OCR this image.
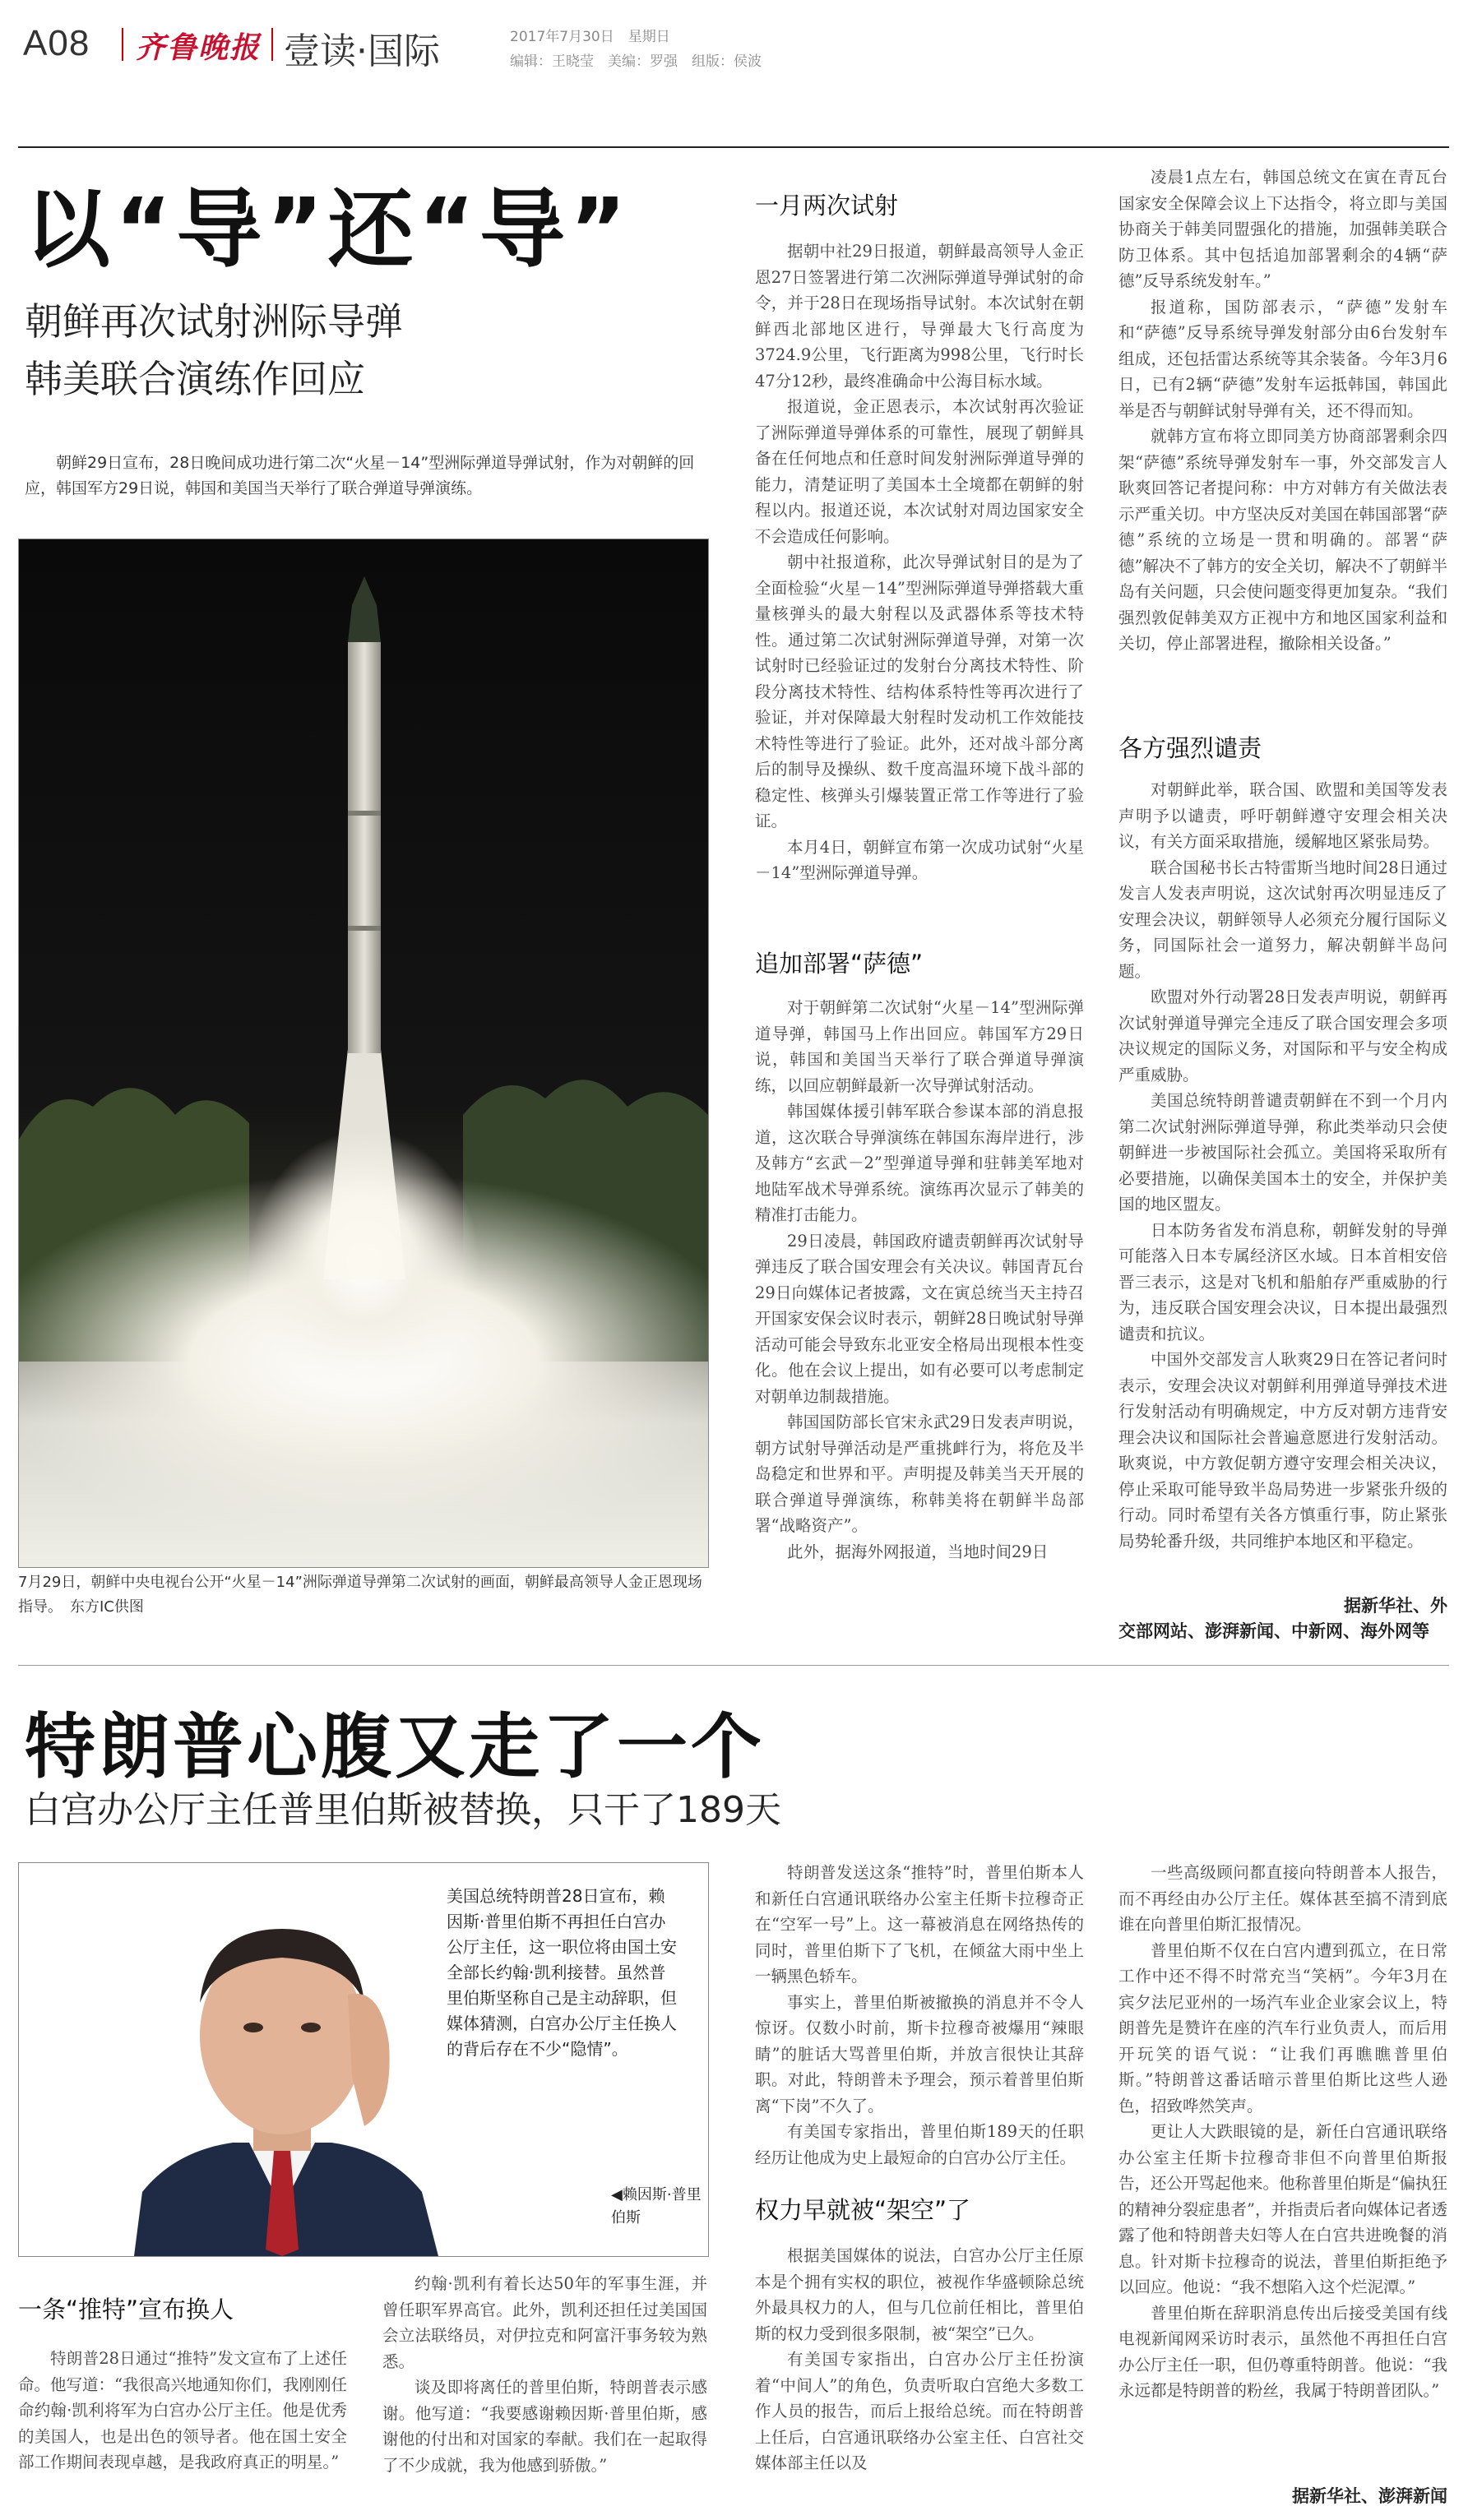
A08 齐鲁晚报 壹读·国际	2017年7月30日　星期日
编辑：王晓莹　美编：罗强　组版：侯波
以“导”还“导”
朝鲜再次试射洲际导弹
韩美联合演练作回应
朝鲜29日宣布，28日晚间成功进行第二次“火星－14”型洲际弹道导弹试射，作为对朝鲜的回应，韩国军方29日说，韩国和美国当天举行了联合弹道导弹演练。
7月29日，朝鲜中央电视台公开“火星－14”洲际弹道导弹第二次试射的画面，朝鲜最高领导人金正恩现场指导。　东方IC供图
一月两次试射

据朝中社29日报道，朝鲜最高领导人金正恩27日签署进行第二次洲际弹道导弹试射的命令，并于28日在现场指导试射。本次试射在朝鲜西北部地区进行，导弹最大飞行高度为3724.9公里，飞行距离为998公里，飞行时长47分12秒，最终准确命中公海目标水域。

报道说，金正恩表示，本次试射再次验证了洲际弹道导弹体系的可靠性，展现了朝鲜具备在任何地点和任意时间发射洲际弹道导弹的能力，清楚证明了美国本土全境都在朝鲜的射程以内。报道还说，本次试射对周边国家安全不会造成任何影响。

朝中社报道称，此次导弹试射目的是为了全面检验“火星－14”型洲际弹道导弹搭载大重量核弹头的最大射程以及武器体系等技术特性。通过第二次试射洲际弹道导弹，对第一次试射时已经验证过的发射台分离技术特性、阶段分离技术特性、结构体系特性等再次进行了验证，并对保障最大射程时发动机工作效能技术特性等进行了验证。此外，还对战斗部分离后的制导及操纵、数千度高温环境下战斗部的稳定性、核弹头引爆装置正常工作等进行了验证。

本月4日，朝鲜宣布第一次成功试射“火星－14”型洲际弹道导弹。

追加部署“萨德”

对于朝鲜第二次试射“火星－14”型洲际弹道导弹，韩国马上作出回应。韩国军方29日说，韩国和美国当天举行了联合弹道导弹演练，以回应朝鲜最新一次导弹试射活动。

韩国媒体援引韩军联合参谋本部的消息报道，这次联合导弹演练在韩国东海岸进行，涉及韩方“玄武－2”型弹道导弹和驻韩美军地对地陆军战术导弹系统。演练再次显示了韩美的精准打击能力。

29日凌晨，韩国政府谴责朝鲜再次试射导弹违反了联合国安理会有关决议。韩国青瓦台29日向媒体记者披露，文在寅总统当天主持召开国家安保会议时表示，朝鲜28日晚试射导弹活动可能会导致东北亚安全格局出现根本性变化。他在会议上提出，如有必要可以考虑制定对朝单边制裁措施。

韩国国防部长官宋永武29日发表声明说，朝方试射导弹活动是严重挑衅行为，将危及半岛稳定和世界和平。声明提及韩美当天开展的联合弹道导弹演练，称韩美将在朝鲜半岛部署“战略资产”。

此外，据海外网报道，当地时间29日

凌晨1点左右，韩国总统文在寅在青瓦台国家安全保障会议上下达指令，将立即与美国协商关于韩美同盟强化的措施，加强韩美联合防卫体系。其中包括追加部署剩余的4辆“萨德”反导系统发射车。”

报道称，国防部表示，“萨德”发射车和“萨德”反导系统导弹发射部分由6台发射车组成，还包括雷达系统等其余装备。今年3月6日，已有2辆“萨德”发射车运抵韩国，韩国此举是否与朝鲜试射导弹有关，还不得而知。

就韩方宣布将立即同美方协商部署剩余四架“萨德”系统导弹发射车一事，外交部发言人耿爽回答记者提问称：中方对韩方有关做法表示严重关切。中方坚决反对美国在韩国部署“萨德”系统的立场是一贯和明确的。部署“萨德”解决不了韩方的安全关切，解决不了朝鲜半岛有关问题，只会使问题变得更加复杂。“我们强烈敦促韩美双方正视中方和地区国家利益和关切，停止部署进程，撤除相关设备。”

各方强烈谴责

对朝鲜此举，联合国、欧盟和美国等发表声明予以谴责，呼吁朝鲜遵守安理会相关决议，有关方面采取措施，缓解地区紧张局势。

联合国秘书长古特雷斯当地时间28日通过发言人发表声明说，这次试射再次明显违反了安理会决议，朝鲜领导人必须充分履行国际义务，同国际社会一道努力，解决朝鲜半岛问题。

欧盟对外行动署28日发表声明说，朝鲜再次试射弹道导弹完全违反了联合国安理会多项决议规定的国际义务，对国际和平与安全构成严重威胁。

美国总统特朗普谴责朝鲜在不到一个月内第二次试射洲际弹道导弹，称此类举动只会使朝鲜进一步被国际社会孤立。美国将采取所有必要措施，以确保美国本土的安全，并保护美国的地区盟友。

日本防务省发布消息称，朝鲜发射的导弹可能落入日本专属经济区水域。日本首相安倍晋三表示，这是对飞机和船舶存严重威胁的行为，违反联合国安理会决议，日本提出最强烈谴责和抗议。

中国外交部发言人耿爽29日在答记者问时表示，安理会决议对朝鲜利用弹道导弹技术进行发射活动有明确规定，中方反对朝方违背安理会决议和国际社会普遍意愿进行发射活动。耿爽说，中方敦促朝方遵守安理会相关决议，停止采取可能导致半岛局势进一步紧张升级的行动。同时希望有关各方慎重行事，防止紧张局势轮番升级，共同维护本地区和平稳定。

据新华社、外
交部网站、澎湃新闻、中新网、海外网等
特朗普心腹又走了一个
白宫办公厅主任普里伯斯被替换，只干了189天
美国总统特朗普28日宣布，赖因斯·普里伯斯不再担任白宫办公厅主任，这一职位将由国土安全部长约翰·凯利接替。虽然普里伯斯坚称自己是主动辞职，但媒体猜测，白宫办公厅主任换人的背后存在不少“隐情”。
◀赖因斯·普里伯斯
一条“推特”宣布换人

特朗普28日通过“推特”发文宣布了上述任命。他写道：“我很高兴地通知你们，我刚刚任命约翰·凯利将军为白宫办公厅主任。他是优秀的美国人，也是出色的领导者。他在国土安全部工作期间表现卓越，是我政府真正的明星。”

约翰·凯利有着长达50年的军事生涯，并曾任职军界高官。此外，凯利还担任过美国国会立法联络员，对伊拉克和阿富汗事务较为熟悉。

谈及即将离任的普里伯斯，特朗普表示感谢。他写道：“我要感谢赖因斯·普里伯斯，感谢他的付出和对国家的奉献。我们在一起取得了不少成就，我为他感到骄傲。”

特朗普发送这条“推特”时，普里伯斯本人和新任白宫通讯联络办公室主任斯卡拉穆奇正在“空军一号”上。这一幕被消息在网络热传的同时，普里伯斯下了飞机，在倾盆大雨中坐上一辆黑色轿车。

事实上，普里伯斯被撤换的消息并不令人惊讶。仅数小时前，斯卡拉穆奇被爆用“辣眼睛”的脏话大骂普里伯斯，并放言很快让其辞职。对此，特朗普未予理会，预示着普里伯斯离“下岗”不久了。

有美国专家指出，普里伯斯189天的任职经历让他成为史上最短命的白宫办公厅主任。

权力早就被“架空”了

根据美国媒体的说法，白宫办公厅主任原本是个拥有实权的职位，被视作华盛顿除总统外最具权力的人，但与几位前任相比，普里伯斯的权力受到很多限制，被“架空”已久。

有美国专家指出，白宫办公厅主任扮演着“中间人”的角色，负责听取白宫绝大多数工作人员的报告，而后上报给总统。而在特朗普上任后，白宫通讯联络办公室主任、白宫社交媒体部主任以及

一些高级顾问都直接向特朗普本人报告，而不再经由办公厅主任。媒体甚至搞不清到底谁在向普里伯斯汇报情况。

普里伯斯不仅在白宫内遭到孤立，在日常工作中还不得不时常充当“笑柄”。今年3月在宾夕法尼亚州的一场汽车业企业家会议上，特朗普先是赞许在座的汽车行业负责人，而后用开玩笑的语气说：“让我们再瞧瞧普里伯斯。”特朗普这番话暗示普里伯斯比这些人逊色，招致哗然笑声。

更让人大跌眼镜的是，新任白宫通讯联络办公室主任斯卡拉穆奇非但不向普里伯斯报告，还公开骂起他来。他称普里伯斯是“偏执狂的精神分裂症患者”，并指责后者向媒体记者透露了他和特朗普夫妇等人在白宫共进晚餐的消息。针对斯卡拉穆奇的说法，普里伯斯拒绝予以回应。他说：“我不想陷入这个烂泥潭。”

普里伯斯在辞职消息传出后接受美国有线电视新闻网采访时表示，虽然他不再担任白宫办公厅主任一职，但仍尊重特朗普。他说：“我永远都是特朗普的粉丝，我属于特朗普团队。”

据新华社、澎湃新闻
